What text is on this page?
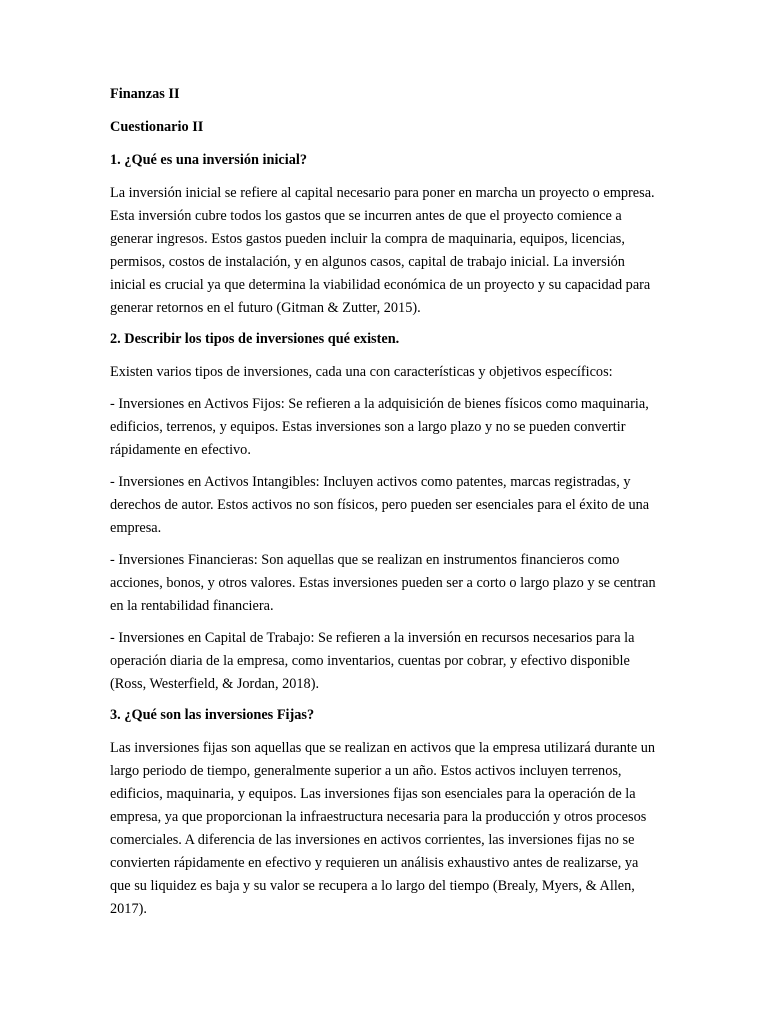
Finanzas II

Cuestionario II

1. ¿Qué es una inversión inicial?

La inversión inicial se refiere al capital necesario para poner en marcha un proyecto o empresa. Esta inversión cubre todos los gastos que se incurren antes de que el proyecto comience a generar ingresos. Estos gastos pueden incluir la compra de maquinaria, equipos, licencias, permisos, costos de instalación, y en algunos casos, capital de trabajo inicial. La inversión inicial es crucial ya que determina la viabilidad económica de un proyecto y su capacidad para generar retornos en el futuro (Gitman & Zutter, 2015).

2. Describir los tipos de inversiones qué existen.

Existen varios tipos de inversiones, cada una con características y objetivos específicos:

- Inversiones en Activos Fijos: Se refieren a la adquisición de bienes físicos como maquinaria, edificios, terrenos, y equipos. Estas inversiones son a largo plazo y no se pueden convertir rápidamente en efectivo.

- Inversiones en Activos Intangibles: Incluyen activos como patentes, marcas registradas, y derechos de autor. Estos activos no son físicos, pero pueden ser esenciales para el éxito de una empresa.

- Inversiones Financieras: Son aquellas que se realizan en instrumentos financieros como acciones, bonos, y otros valores. Estas inversiones pueden ser a corto o largo plazo y se centran en la rentabilidad financiera.

- Inversiones en Capital de Trabajo: Se refieren a la inversión en recursos necesarios para la operación diaria de la empresa, como inventarios, cuentas por cobrar, y efectivo disponible (Ross, Westerfield, & Jordan, 2018).

3. ¿Qué son las inversiones Fijas?

Las inversiones fijas son aquellas que se realizan en activos que la empresa utilizará durante un largo periodo de tiempo, generalmente superior a un año. Estos activos incluyen terrenos, edificios, maquinaria, y equipos. Las inversiones fijas son esenciales para la operación de la empresa, ya que proporcionan la infraestructura necesaria para la producción y otros procesos comerciales. A diferencia de las inversiones en activos corrientes, las inversiones fijas no se convierten rápidamente en efectivo y requieren un análisis exhaustivo antes de realizarse, ya que su liquidez es baja y su valor se recupera a lo largo del tiempo (Brealy, Myers, & Allen, 2017).
